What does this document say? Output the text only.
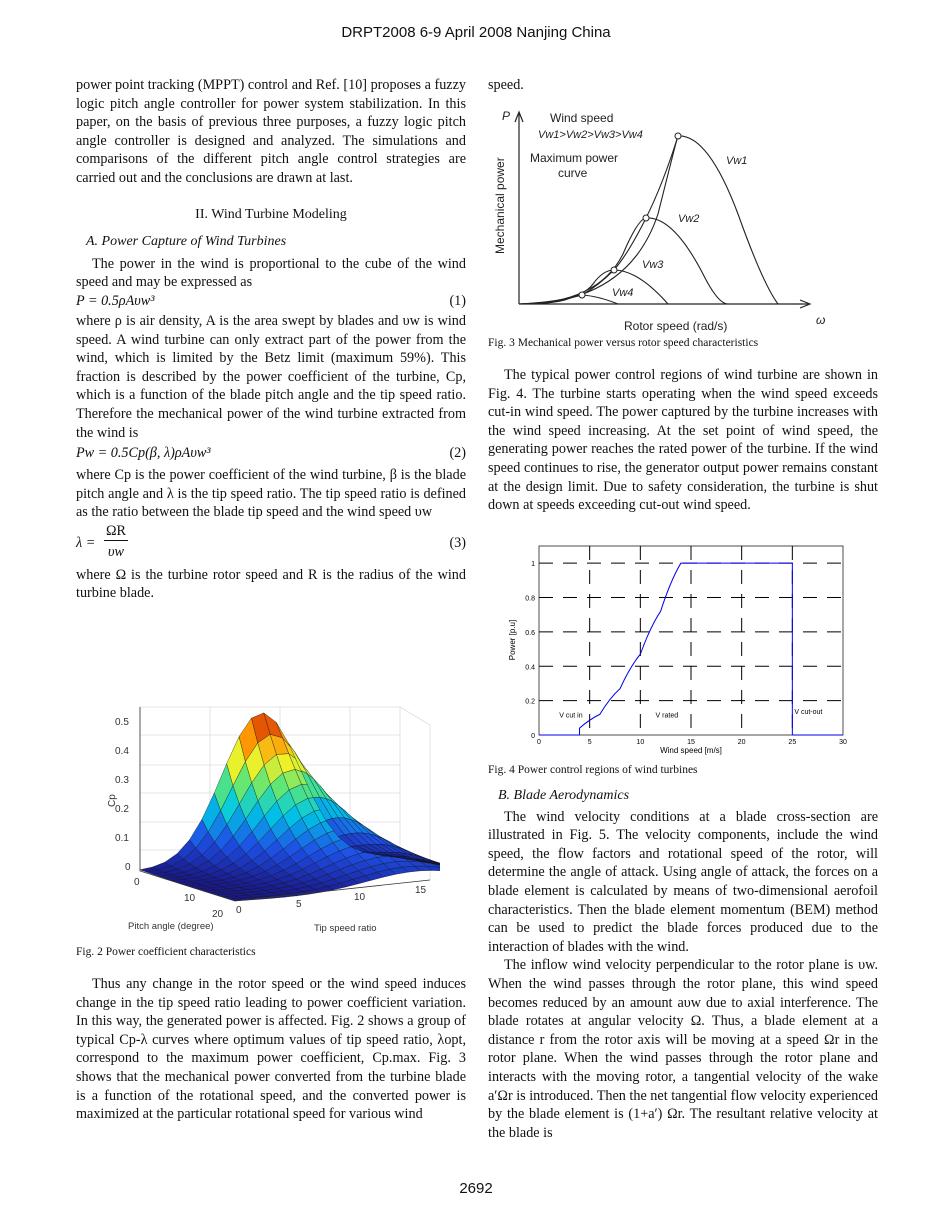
DRPT2008 6-9 April 2008 Nanjing China

power point tracking (MPPT) control and Ref. [10] proposes a fuzzy logic pitch angle controller for power system stabilization. In this paper, on the basis of previous three purposes, a fuzzy logic pitch angle controller is designed and analyzed. The simulations and comparisons of the different pitch angle control strategies are carried out and the conclusions are drawn at last.

II. Wind Turbine Modeling
A. Power Capture of Wind Turbines

The power in the wind is proportional to the cube of the wind speed and may be expressed as

P = 0.5ρAυw³	(1)

where ρ is air density, A is the area swept by blades and υw is wind speed. A wind turbine can only extract part of the power from the wind, which is limited by the Betz limit (maximum 59%). This fraction is described by the power coefficient of the turbine, Cp, which is a function of the blade pitch angle and the tip speed ratio. Therefore the mechanical power of the wind turbine extracted from the wind is

Pw = 0.5Cp(β, λ)ρAυw³	(2)

where Cp is the power coefficient of the wind turbine, β is the blade pitch angle and λ is the tip speed ratio. The tip speed ratio is defined as the ratio between the blade tip speed and the wind speed υw

λ =
ΩR
υw
(3)

where Ω is the turbine rotor speed and R is the radius of the wind turbine blade.

0.5
0.4
0.3
0.2
0.1
0
Cp
0
10
20
Pitch angle (degree)
0
5
10
15
Tip speed ratio
Fig. 2 Power coefficient characteristics

Thus any change in the rotor speed or the wind speed induces change in the tip speed ratio leading to power coefficient variation. In this way, the generated power is affected. Fig. 2 shows a group of typical Cp-λ curves where optimum values of tip speed ratio, λopt, correspond to the maximum power coefficient, Cp.max. Fig. 3 shows that the mechanical power converted from the turbine blade is a function of the rotational speed, and the converted power is maximized at the particular rotational speed for various wind

speed.

P
ω
Wind speed
Vw1>Vw2>Vw3>Vw4
Maximum power
curve
Vw1
Vw2
Vw3
Vw4
Mechanical power
Rotor speed (rad/s)
Fig. 3 Mechanical power versus rotor speed characteristics

The typical power control regions of wind turbine are shown in Fig. 4. The turbine starts operating when the wind speed exceeds cut-in wind speed. The power captured by the turbine increases with the wind speed increasing. At the set point of wind speed, the generating power reaches the rated power of the turbine. If the wind speed continues to rise, the generator output power remains constant at the design limit. Due to safety consideration, the turbine is shut down at speeds exceeding cut-out wind speed.

0
0.2
0.4
0.6
0.8
1
0	5	10	15	20	25	30
V cut in	V rated	V cut-out
Wind speed [m/s]
Power [p.u]
Fig. 4 Power control regions of wind turbines
B. Blade Aerodynamics

The wind velocity conditions at a blade cross-section are illustrated in Fig. 5. The velocity components, include the wind speed, the flow factors and rotational speed of the rotor, will determine the angle of attack. Using angle of attack, the forces on a blade element is calculated by means of two-dimensional aerofoil characteristics. Then the blade element momentum (BEM) method can be used to predict the blade forces produced due to the interaction of blades with the wind.

The inflow wind velocity perpendicular to the rotor plane is υw. When the wind passes through the rotor plane, this wind speed becomes reduced by an amount aυw due to axial interference. The blade rotates at angular velocity Ω. Thus, a blade element at a distance r from the rotor axis will be moving at a speed Ωr in the rotor plane. When the wind passes through the rotor plane and interacts with the moving rotor, a tangential velocity of the wake a′Ωr is introduced. Then the net tangential flow velocity experienced by the blade element is (1+a′) Ωr. The resultant relative velocity at the blade is

2692
